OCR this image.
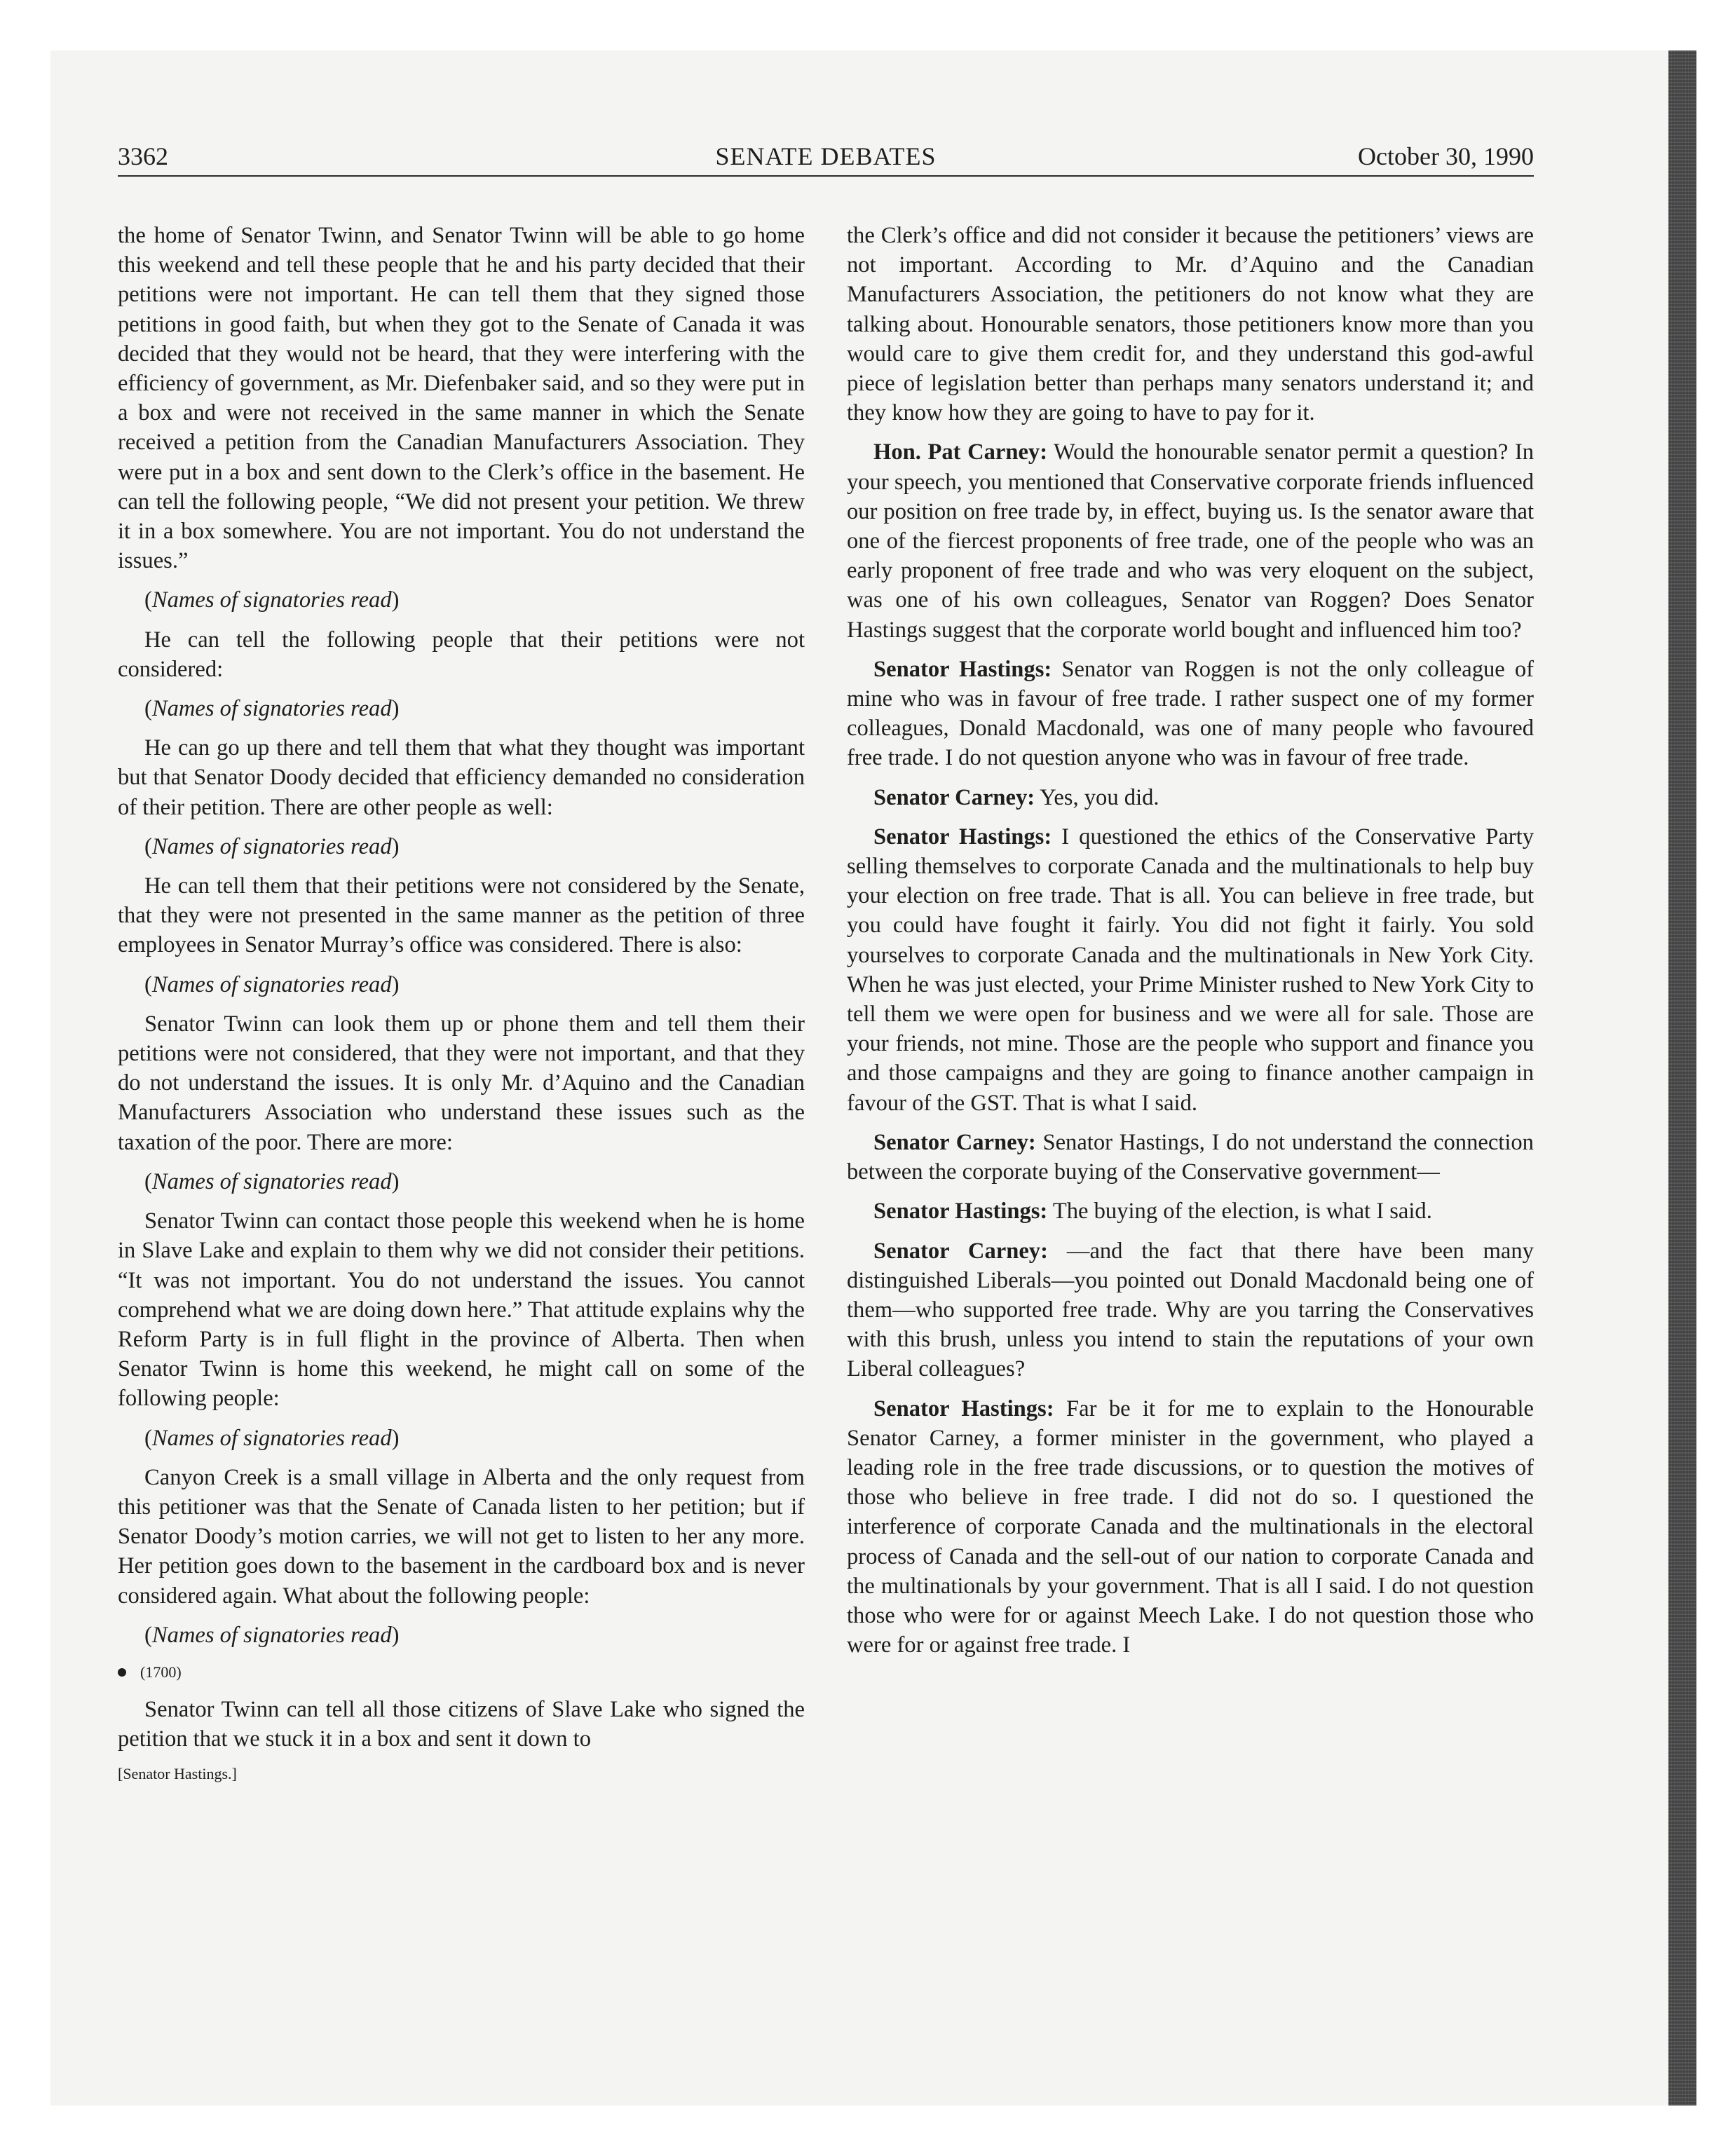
3362	SENATE DEBATES	October 30, 1990

the home of Senator Twinn, and Senator Twinn will be able to go home this weekend and tell these people that he and his party decided that their petitions were not important. He can tell them that they signed those petitions in good faith, but when they got to the Senate of Canada it was decided that they would not be heard, that they were interfering with the efficiency of government, as Mr. Diefenbaker said, and so they were put in a box and were not received in the same manner in which the Senate received a petition from the Canadian Manufacturers Association. They were put in a box and sent down to the Clerk’s office in the basement. He can tell the following people, “We did not present your petition. We threw it in a box somewhere. You are not important. You do not understand the issues.”

(Names of signatories read)

He can tell the following people that their petitions were not considered:

(Names of signatories read)

He can go up there and tell them that what they thought was important but that Senator Doody decided that efficiency demanded no consideration of their petition. There are other people as well:

(Names of signatories read)

He can tell them that their petitions were not considered by the Senate, that they were not presented in the same manner as the petition of three employees in Senator Murray’s office was considered. There is also:

(Names of signatories read)

Senator Twinn can look them up or phone them and tell them their petitions were not considered, that they were not important, and that they do not understand the issues. It is only Mr. d’Aquino and the Canadian Manufacturers Association who understand these issues such as the taxation of the poor. There are more:

(Names of signatories read)

Senator Twinn can contact those people this weekend when he is home in Slave Lake and explain to them why we did not consider their petitions. “It was not important. You do not understand the issues. You cannot comprehend what we are doing down here.” That attitude explains why the Reform Party is in full flight in the province of Alberta. Then when Senator Twinn is home this weekend, he might call on some of the following people:

(Names of signatories read)

Canyon Creek is a small village in Alberta and the only request from this petitioner was that the Senate of Canada listen to her petition; but if Senator Doody’s motion carries, we will not get to listen to her any more. Her petition goes down to the basement in the cardboard box and is never considered again. What about the following people:

(Names of signatories read)

(1700)

Senator Twinn can tell all those citizens of Slave Lake who signed the petition that we stuck it in a box and sent it down to

[Senator Hastings.]

the Clerk’s office and did not consider it because the petitioners’ views are not important. According to Mr. d’Aquino and the Canadian Manufacturers Association, the petitioners do not know what they are talking about. Honourable senators, those petitioners know more than you would care to give them credit for, and they understand this god-awful piece of legislation better than perhaps many senators understand it; and they know how they are going to have to pay for it.

Hon. Pat Carney: Would the honourable senator permit a question? In your speech, you mentioned that Conservative corporate friends influenced our position on free trade by, in effect, buying us. Is the senator aware that one of the fiercest proponents of free trade, one of the people who was an early proponent of free trade and who was very eloquent on the subject, was one of his own colleagues, Senator van Roggen? Does Senator Hastings suggest that the corporate world bought and influenced him too?

Senator Hastings: Senator van Roggen is not the only colleague of mine who was in favour of free trade. I rather suspect one of my former colleagues, Donald Macdonald, was one of many people who favoured free trade. I do not question anyone who was in favour of free trade.

Senator Carney: Yes, you did.

Senator Hastings: I questioned the ethics of the Conservative Party selling themselves to corporate Canada and the multinationals to help buy your election on free trade. That is all. You can believe in free trade, but you could have fought it fairly. You did not fight it fairly. You sold yourselves to corporate Canada and the multinationals in New York City. When he was just elected, your Prime Minister rushed to New York City to tell them we were open for business and we were all for sale. Those are your friends, not mine. Those are the people who support and finance you and those campaigns and they are going to finance another campaign in favour of the GST. That is what I said.

Senator Carney: Senator Hastings, I do not understand the connection between the corporate buying of the Conservative government—

Senator Hastings: The buying of the election, is what I said.

Senator Carney: —and the fact that there have been many distinguished Liberals—you pointed out Donald Macdonald being one of them—who supported free trade. Why are you tarring the Conservatives with this brush, unless you intend to stain the reputations of your own Liberal colleagues?

Senator Hastings: Far be it for me to explain to the Honourable Senator Carney, a former minister in the government, who played a leading role in the free trade discussions, or to question the motives of those who believe in free trade. I did not do so. I questioned the interference of corporate Canada and the multinationals in the electoral process of Canada and the sell-out of our nation to corporate Canada and the multinationals by your government. That is all I said. I do not question those who were for or against Meech Lake. I do not question those who were for or against free trade. I
